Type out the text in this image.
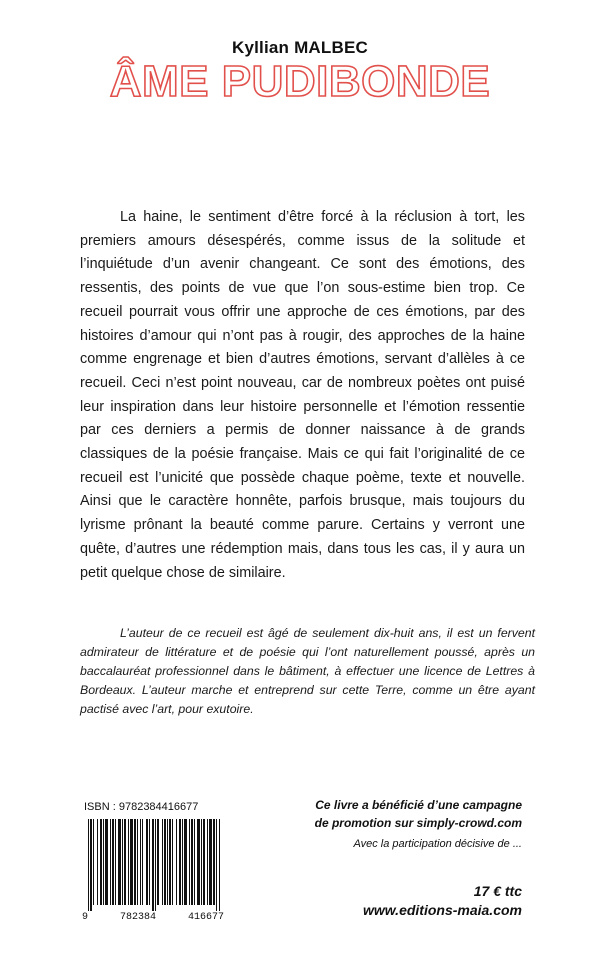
Kyllian MALBEC
ÂME PUDIBONDE

La haine, le sentiment d’être forcé à la réclusion à tort, les premiers amours désespérés, comme issus de la solitude et l’inquiétude d’un avenir changeant. Ce sont des émotions, des ressentis, des points de vue que l’on sous-estime bien trop. Ce recueil pourrait vous offrir une approche de ces émotions, par des histoires d’amour qui n’ont pas à rougir, des approches de la haine comme engrenage et bien d’autres émotions, servant d’allèles à ce recueil. Ceci n’est point nouveau, car de nombreux poètes ont puisé leur inspiration dans leur histoire personnelle et l’émotion ressentie par ces derniers a permis de donner naissance à de grands classiques de la poésie française. Mais ce qui fait l’originalité de ce recueil est l’unicité que possède chaque poème, texte et nouvelle. Ainsi que le caractère honnête, parfois brusque, mais toujours du lyrisme prônant la beauté comme parure. Certains y verront une quête, d’autres une rédemption mais, dans tous les cas, il y aura un petit quelque chose de similaire.

L’auteur de ce recueil est âgé de seulement dix-huit ans, il est un fervent admirateur de littérature et de poésie qui l’ont naturellement poussé, après un baccalauréat professionnel dans le bâtiment, à effectuer une licence de Lettres à Bordeaux. L’auteur marche et entreprend sur cette Terre, comme un être ayant pactisé avec l’art, pour exutoire.

ISBN : 9782384416677
9	782384	416677
Ce livre a bénéficié d’une campagne
de promotion sur simply-crowd.com
Avec la participation décisive de ...
17 € ttc
www.editions-maia.com
